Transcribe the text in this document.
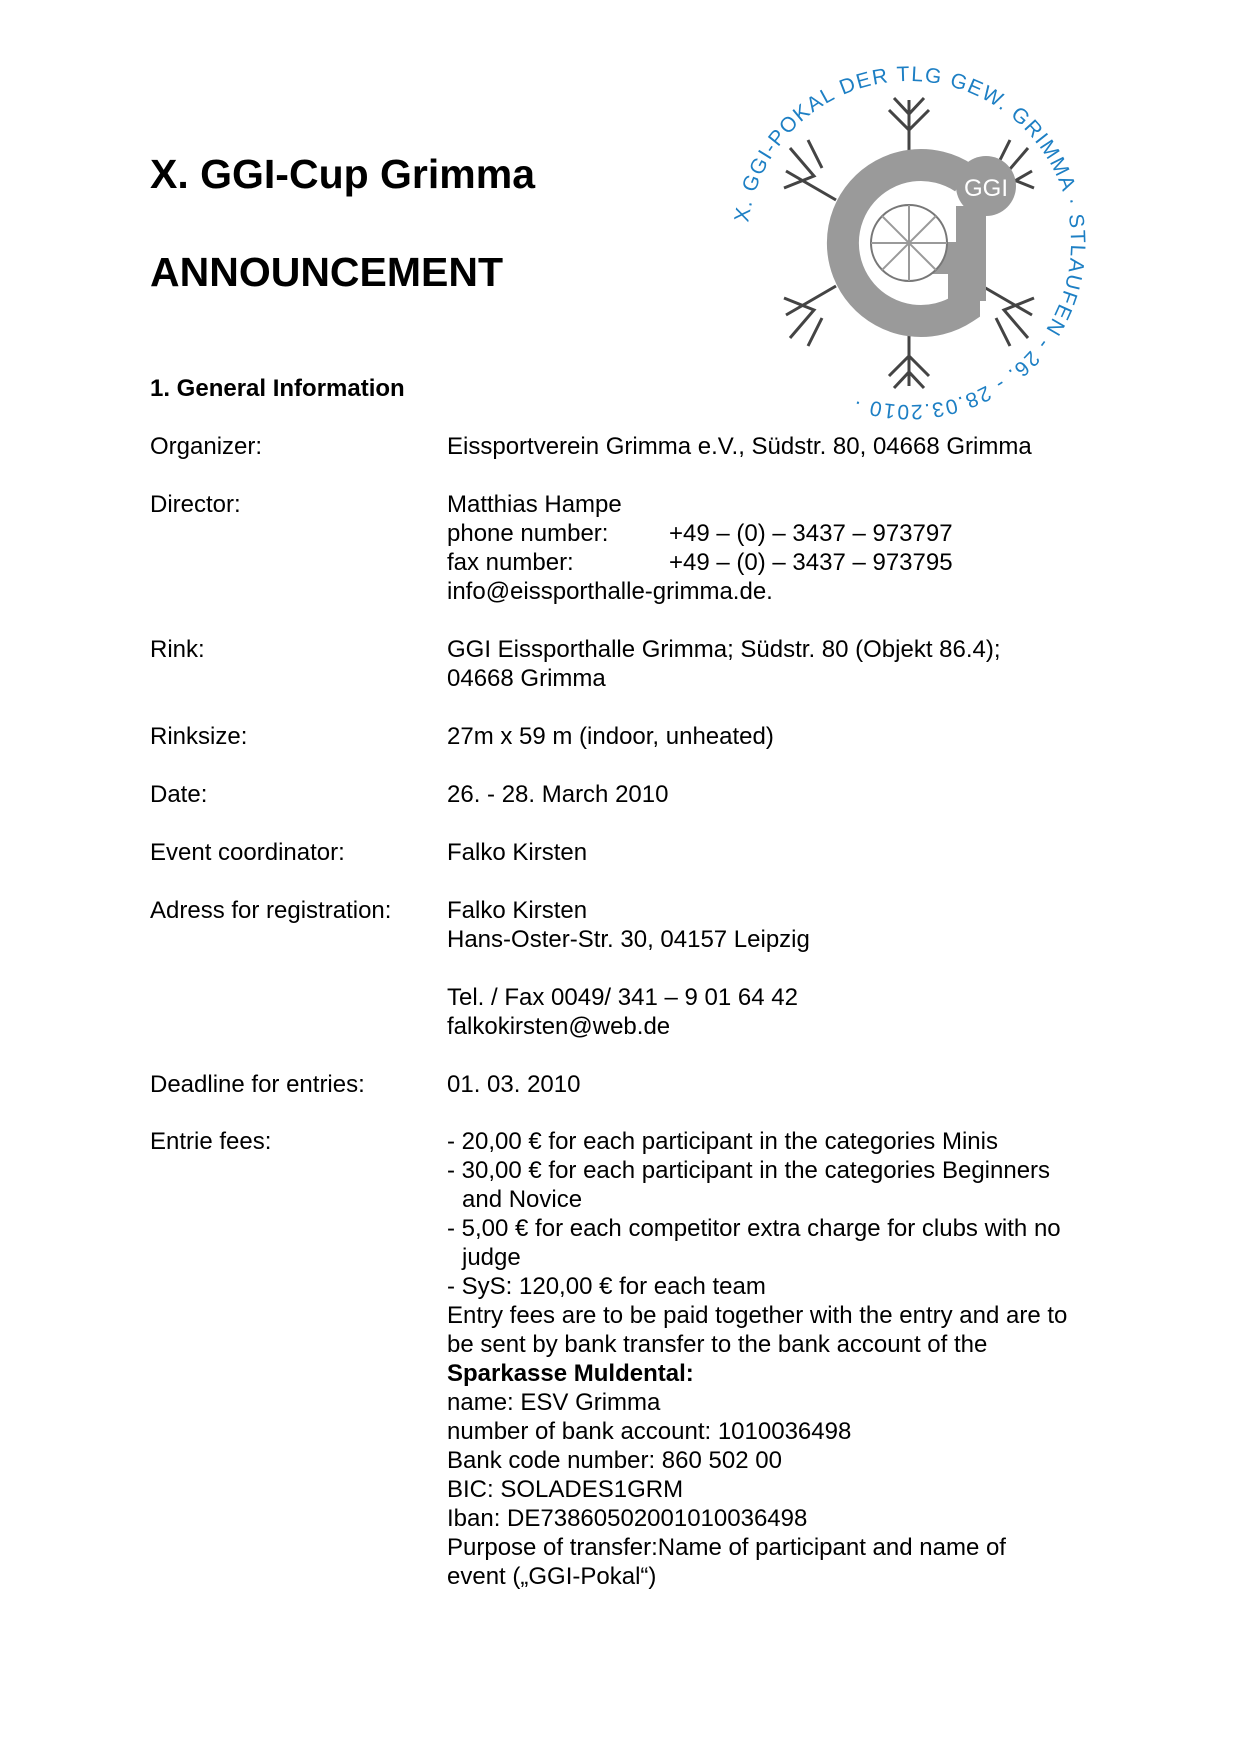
X. GGI-Cup Grimma
ANNOUNCEMENT
X. GGI-POKAL DER TLG GEW. GRIMMA · STLAUFEN - 26. - 28.03.2010 ·
GGI
1. General Information
Organizer:	Eissportverein Grimma e.V., Südstr. 80, 04668 Grimma
Director:	Matthias Hampe
phone number:	+49 – (0) – 3437 – 973797
fax number:	+49 – (0) – 3437 – 973795
info@eissporthalle-grimma.de.
Rink:	GGI Eissporthalle Grimma; Südstr. 80 (Objekt 86.4);
04668 Grimma
Rinksize:	27m x 59 m (indoor, unheated)
Date:	26. - 28. March 2010
Event coordinator:	Falko Kirsten
Adress for registration:	Falko Kirsten
Hans-Oster-Str. 30, 04157 Leipzig
Tel. / Fax 0049/ 341 – 9 01 64 42
falkokirsten@web.de
Deadline for entries:	01. 03. 2010
Entrie fees:	- 20,00 € for each participant in the categories Minis
- 30,00 € for each participant in the categories Beginners
and Novice
- 5,00 € for each competitor extra charge for clubs with no
judge
- SyS: 120,00 € for each team
Entry fees are to be paid together with the entry and are to
be sent by bank transfer to the bank account of the
Sparkasse Muldental:
name: ESV Grimma
number of bank account: 1010036498
Bank code number: 860 502 00
BIC: SOLADES1GRM
Iban: DE73860502001010036498
Purpose of transfer:Name of participant and name of
event („GGI-Pokal“)
